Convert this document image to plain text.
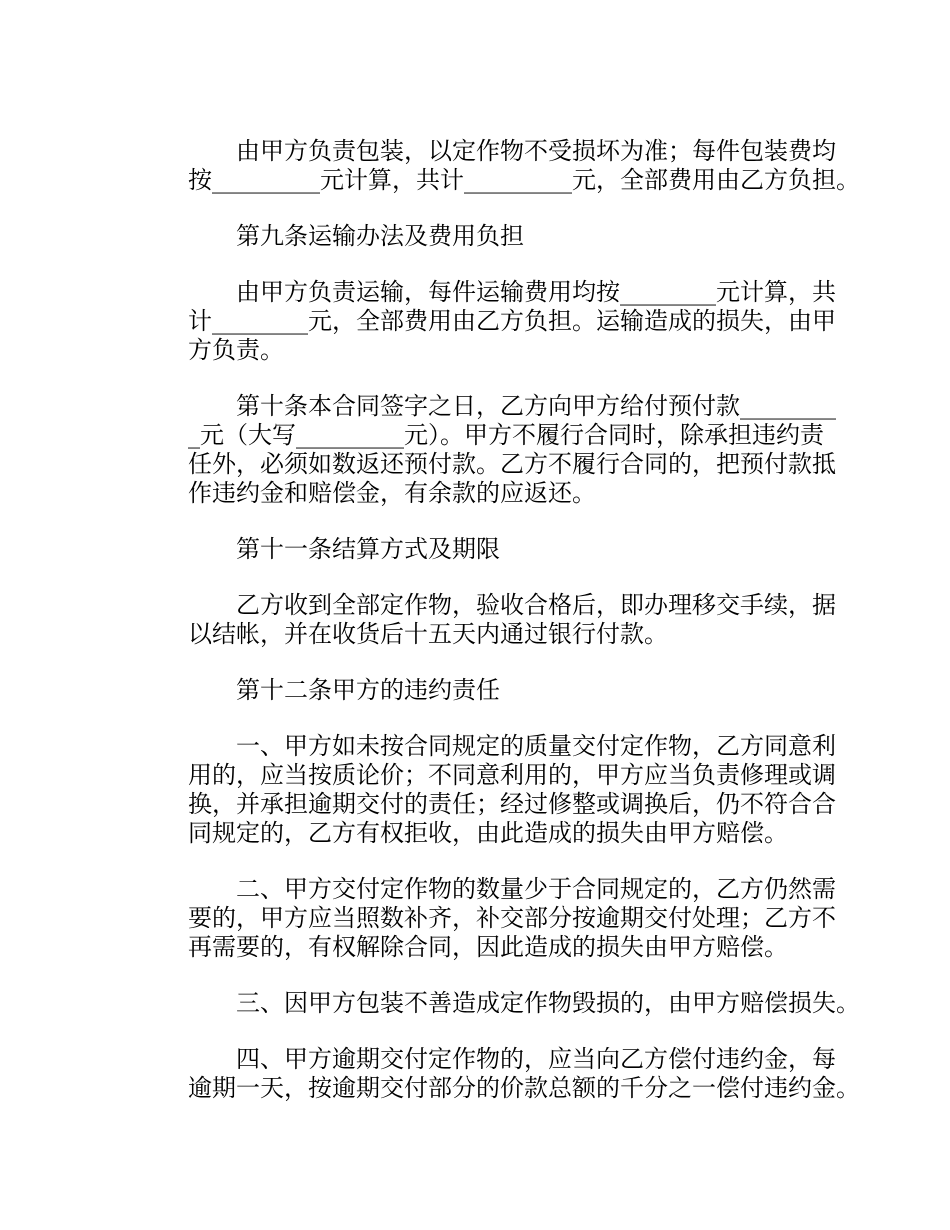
由甲方负责包装，以定作物不受损坏为准；每件包装费均
按_________元计算，共计_________元，全部费用由乙方负担。
第九条运输办法及费用负担
由甲方负责运输，每件运输费用均按________元计算，共
计________元，全部费用由乙方负担。运输造成的损失，由甲
方负责。
第十条本合同签字之日，乙方向甲方给付预付款________
_元（大写_________元）。甲方不履行合同时，除承担违约责
任外，必须如数返还预付款。乙方不履行合同的，把预付款抵
作违约金和赔偿金，有余款的应返还。
第十一条结算方式及期限
乙方收到全部定作物，验收合格后，即办理移交手续，据
以结帐，并在收货后十五天内通过银行付款。
第十二条甲方的违约责任
一、甲方如未按合同规定的质量交付定作物，乙方同意利
用的，应当按质论价；不同意利用的，甲方应当负责修理或调
换，并承担逾期交付的责任；经过修整或调换后，仍不符合合
同规定的，乙方有权拒收，由此造成的损失由甲方赔偿。
二、甲方交付定作物的数量少于合同规定的，乙方仍然需
要的，甲方应当照数补齐，补交部分按逾期交付处理；乙方不
再需要的，有权解除合同，因此造成的损失由甲方赔偿。
三、因甲方包装不善造成定作物毁损的，由甲方赔偿损失。
四、甲方逾期交付定作物的，应当向乙方偿付违约金，每
逾期一天，按逾期交付部分的价款总额的千分之一偿付违约金。
